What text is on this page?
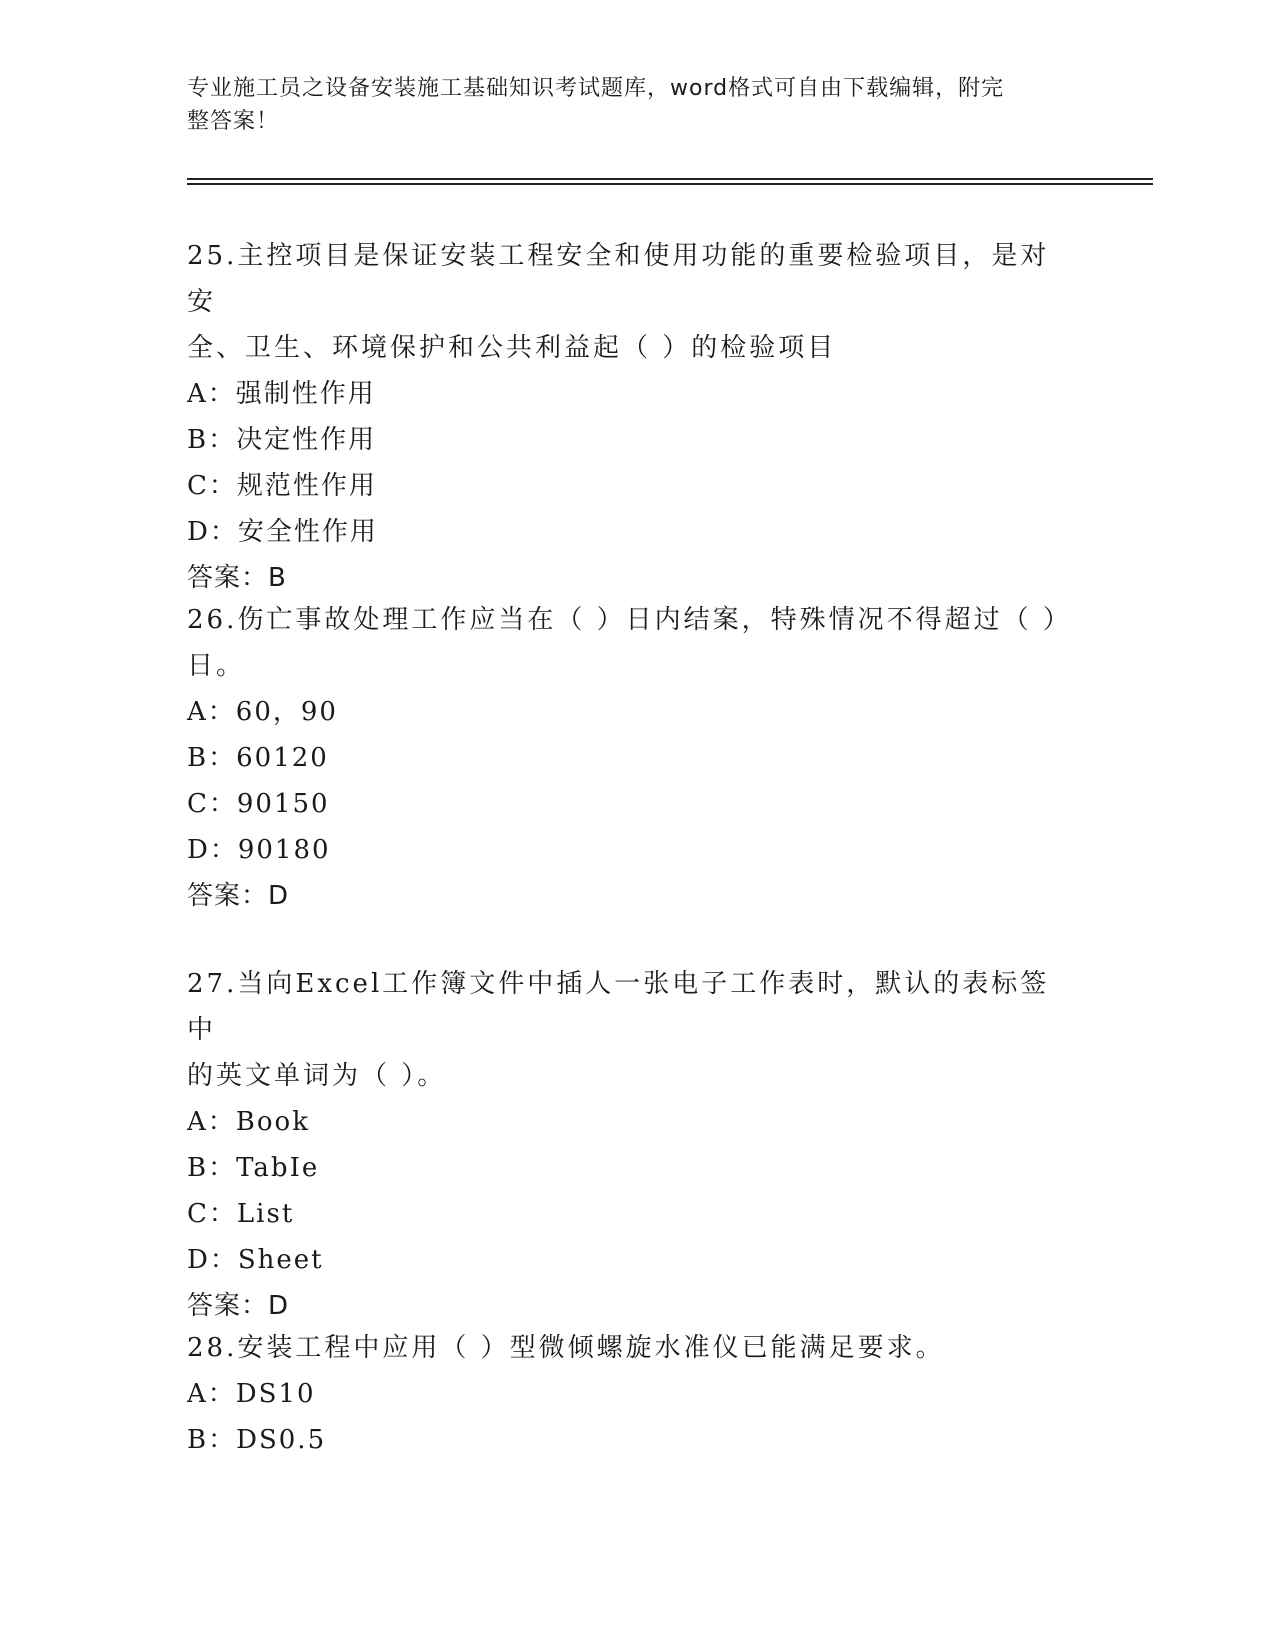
专业施工员之设备安装施工基础知识考试题库，word格式可自由下载编辑，附完
整答案！

25.主控项目是保证安装工程安全和使用功能的重要检验项目，是对安

全、卫生、环境保护和公共利益起（ ）的检验项目

A：强制性作用

B：决定性作用

C：规范性作用

D：安全性作用

答案：B

26.伤亡事故处理工作应当在（ ）日内结案，特殊情况不得超过（ ）

日。

A：60，90

B：60120

C：90150

D：90180

答案：D

27.当向Excel工作簿文件中插人一张电子工作表时，默认的表标签中

的英文单词为（ ）。

A：Book

B：TabIe

C：List

D：Sheet

答案：D

28.安装工程中应用（ ）型微倾螺旋水准仪已能满足要求。

A：DS10

B：DS0.5
